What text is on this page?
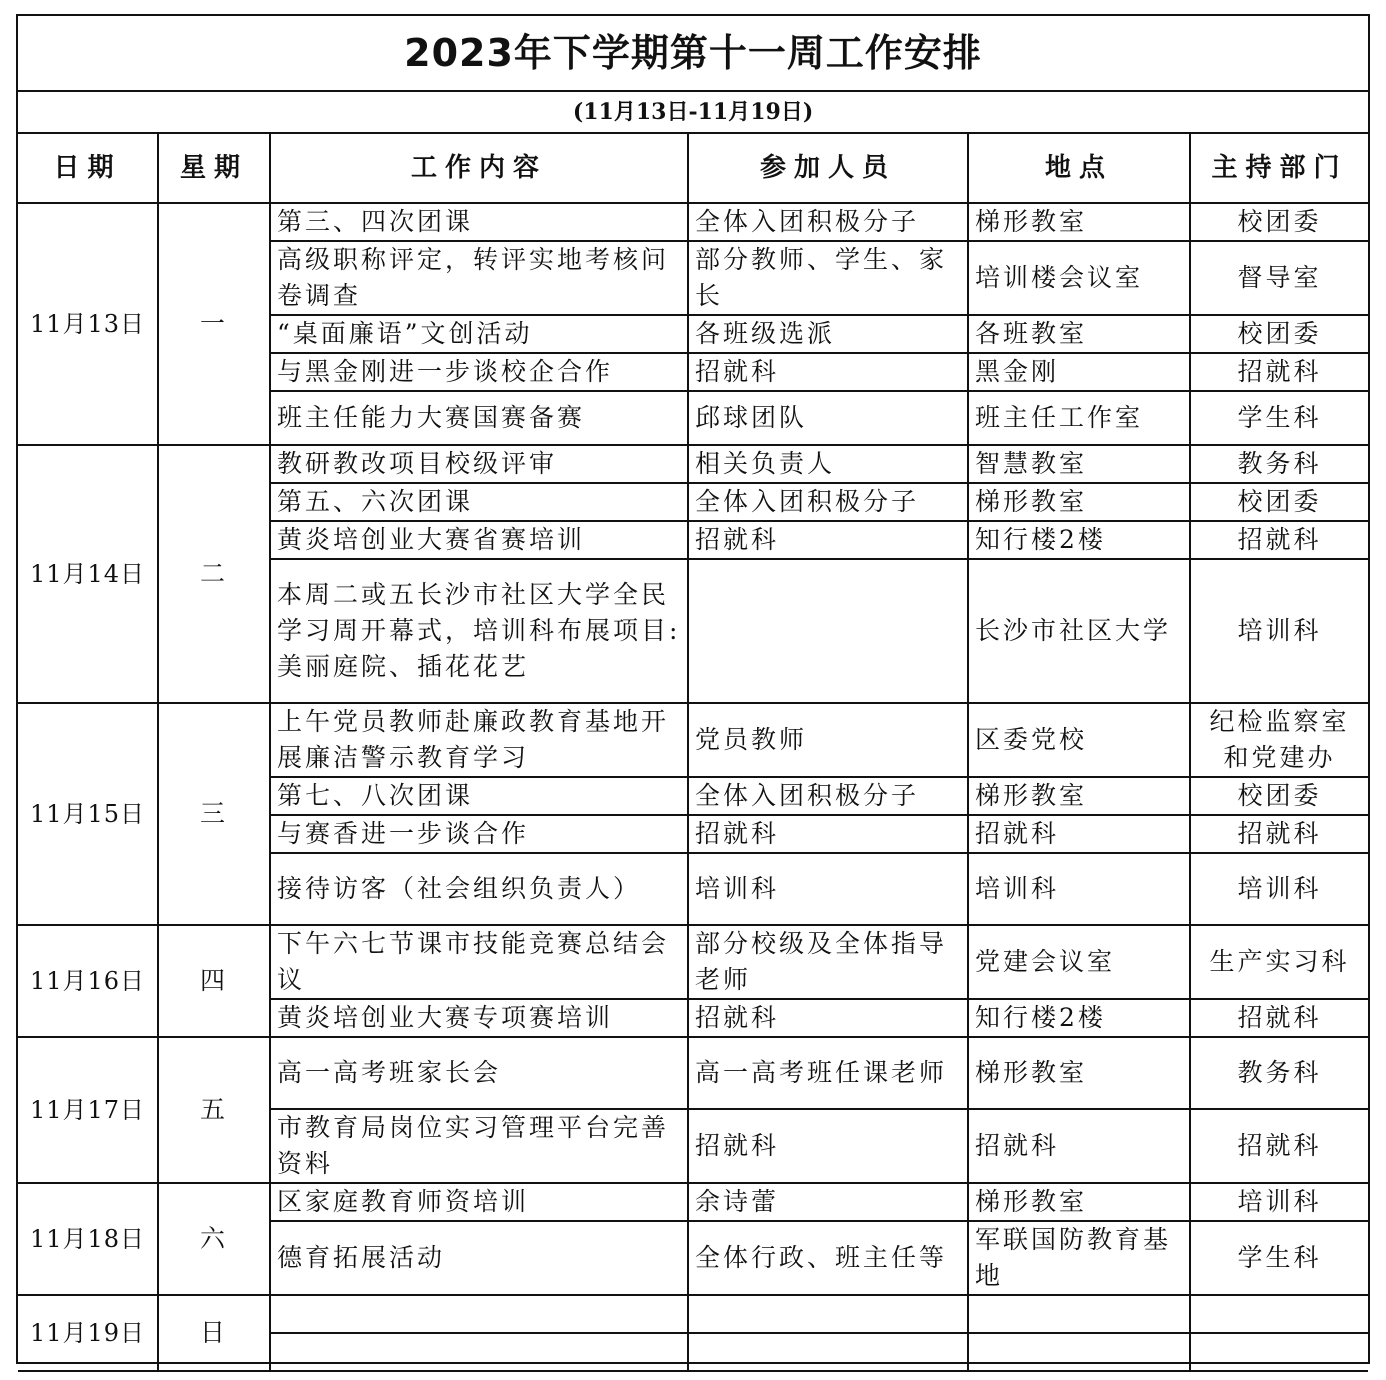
2023年下学期第十一周工作安排					
(11月13日-11月19日)					
日期	星期	工作内容	参加人员	地点	主持部门
11月13日	一	第三、四次团课	全体入团积极分子	梯形教室	校团委
		高级职称评定，转评实地考核问卷调查	部分教师、学生、家长	培训楼会议室	督导室
		“桌面廉语”文创活动	各班级选派	各班教室	校团委
		与黑金刚进一步谈校企合作	招就科	黑金刚	招就科
		班主任能力大赛国赛备赛	邱球团队	班主任工作室	学生科
11月14日	二	教研教改项目校级评审	相关负责人	智慧教室	教务科
		第五、六次团课	全体入团积极分子	梯形教室	校团委
		黄炎培创业大赛省赛培训	招就科	知行楼2楼	招就科
		本周二或五长沙市社区大学全民学习周开幕式，培训科布展项目:美丽庭院、插花花艺		长沙市社区大学	培训科
11月15日	三	上午党员教师赴廉政教育基地开展廉洁警示教育学习	党员教师	区委党校	纪检监察室和党建办
		第七、八次团课	全体入团积极分子	梯形教室	校团委
		与赛香进一步谈合作	招就科	招就科	招就科
		接待访客（社会组织负责人）	培训科	培训科	培训科
11月16日	四	下午六七节课市技能竞赛总结会议	部分校级及全体指导老师	党建会议室	生产实习科
		黄炎培创业大赛专项赛培训	招就科	知行楼2楼	招就科
11月17日	五	高一高考班家长会	高一高考班任课老师	梯形教室	教务科
		市教育局岗位实习管理平台完善资料	招就科	招就科	招就科
11月18日	六	区家庭教育师资培训	余诗蕾	梯形教室	培训科
		德育拓展活动	全体行政、班主任等	军联国防教育基地	学生科
11月19日	日				
